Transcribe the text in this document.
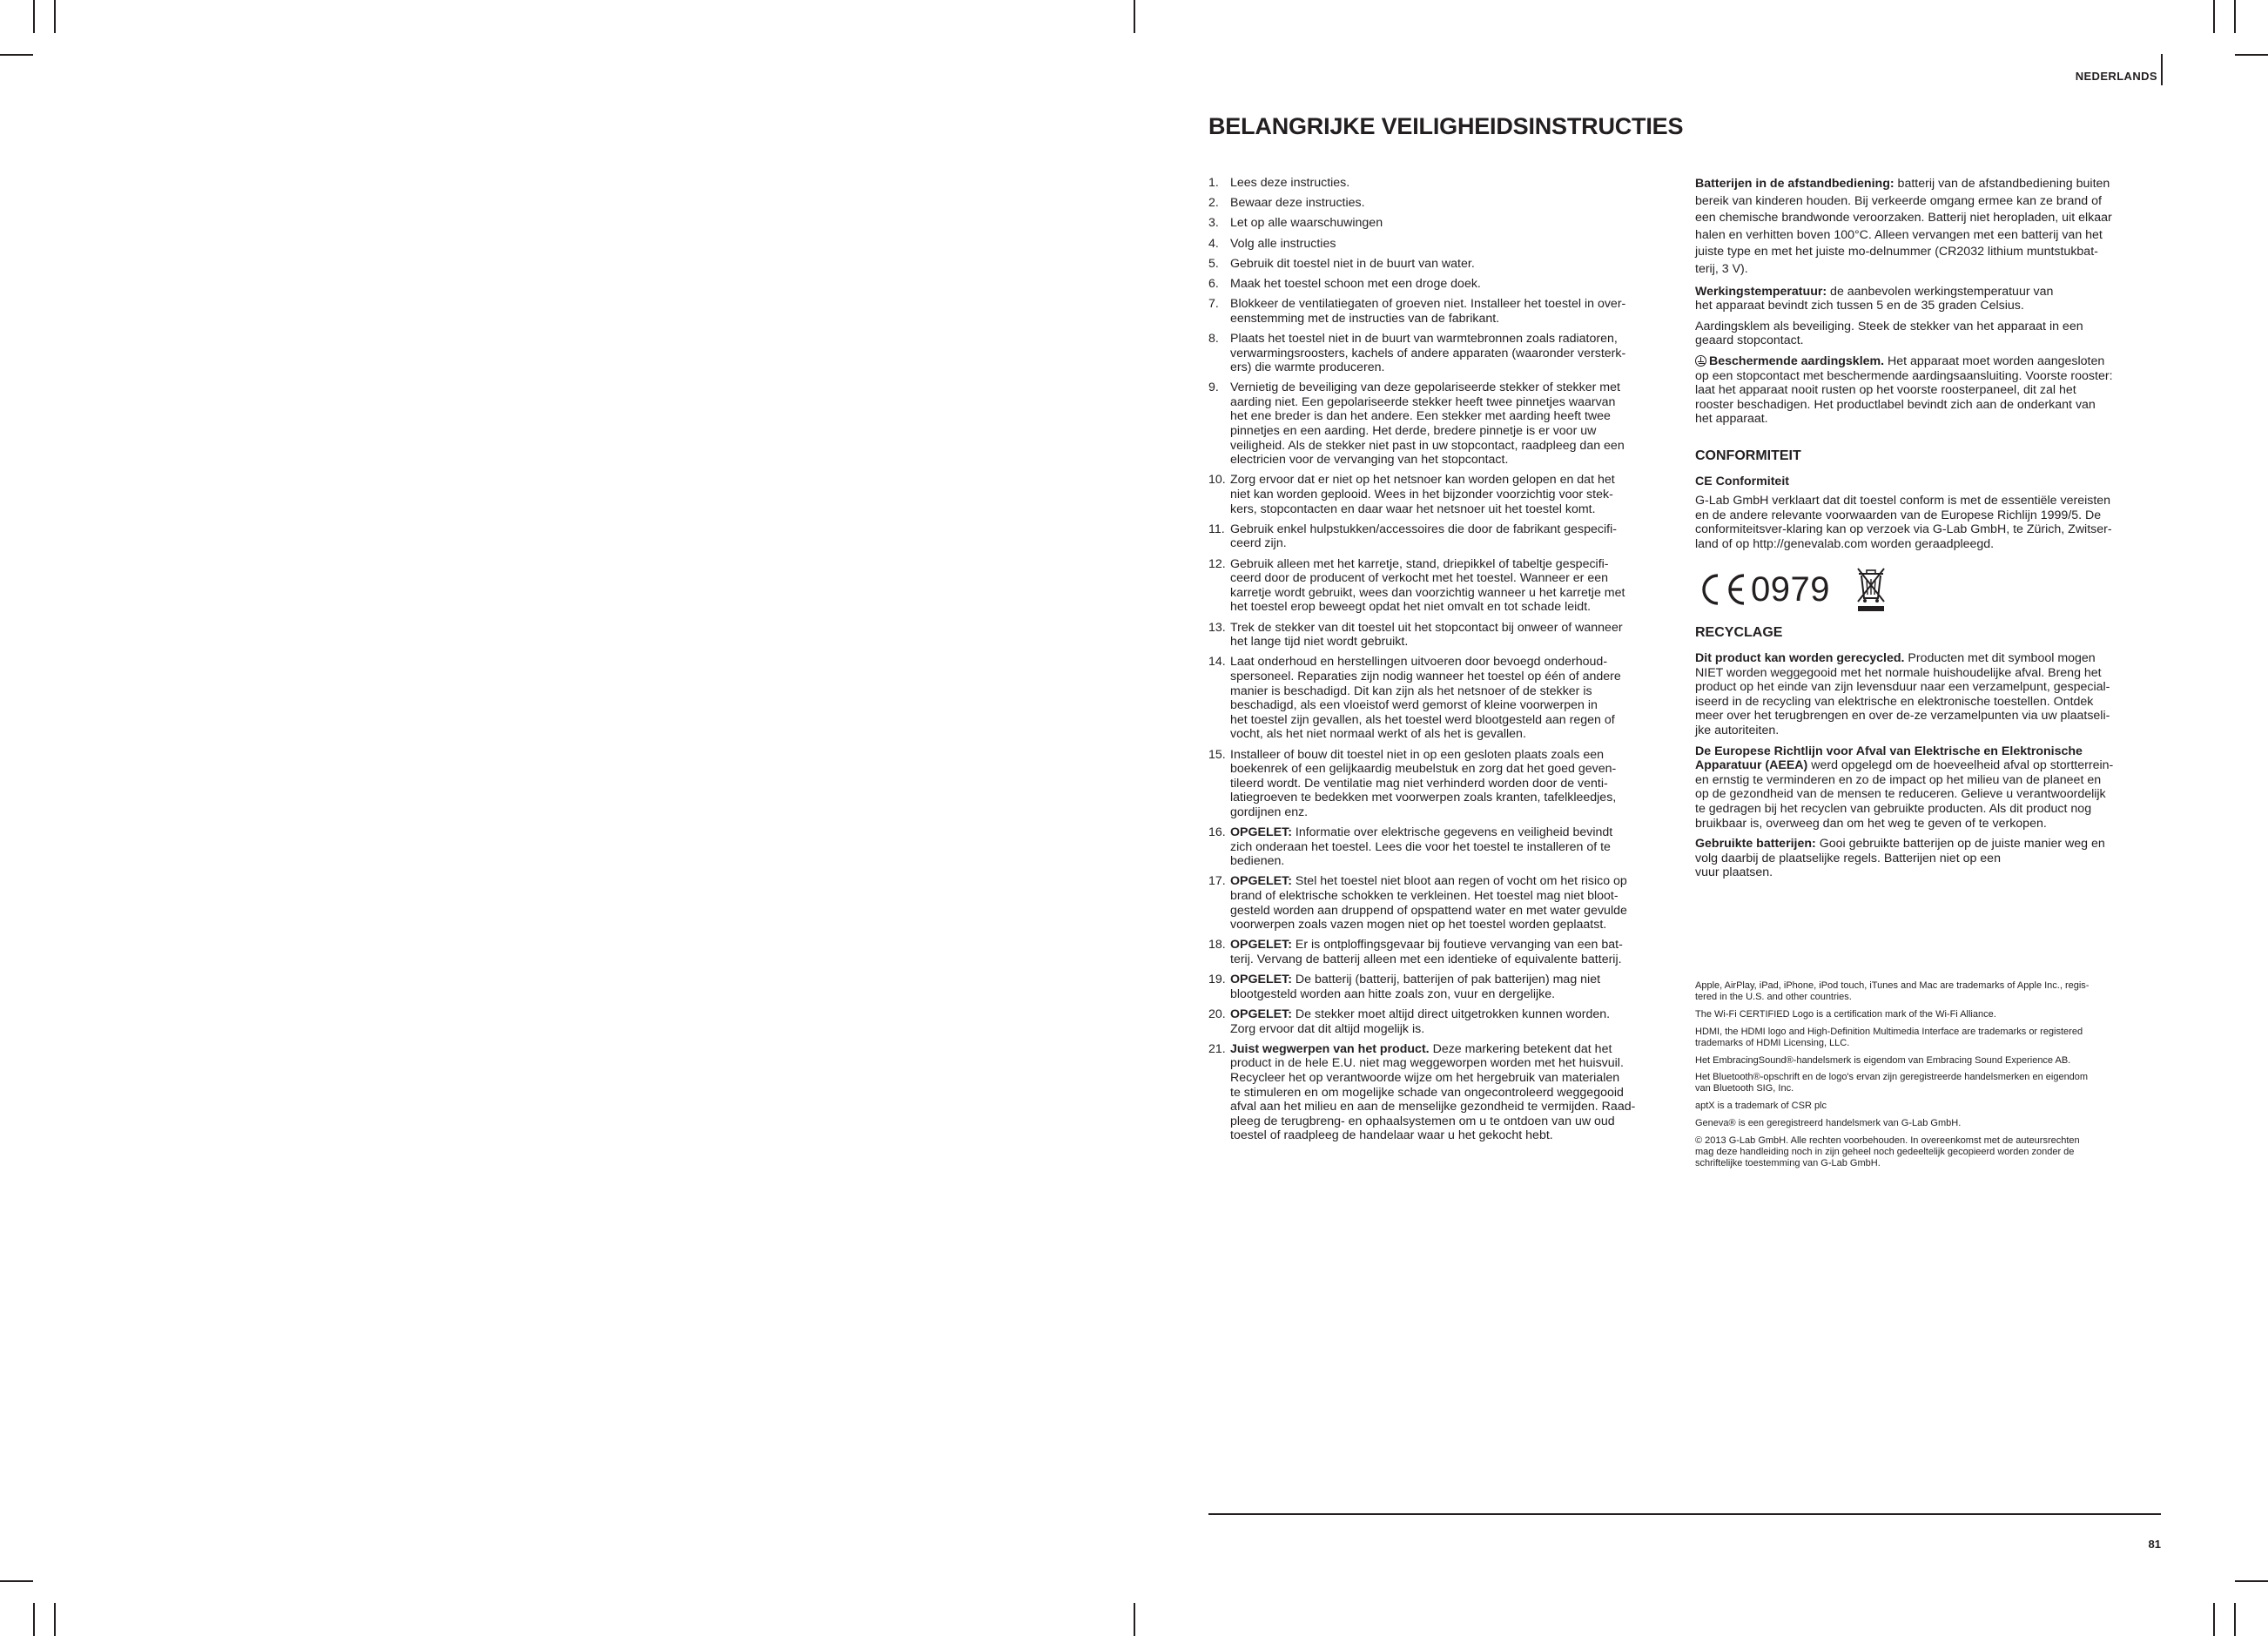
NEDERLANDS
BELANGRIJKE VEILIGHEIDSINSTRUCTIES
1. Lees deze instructies.
2. Bewaar deze instructies.
3. Let op alle waarschuwingen
4. Volg alle instructies
5. Gebruik dit toestel niet in de buurt van water.
6. Maak het toestel schoon met een droge doek.
7. Blokkeer de ventilatiegaten of groeven niet. Installeer het toestel in over-
eenstemming met de instructies van de fabrikant.
8. Plaats het toestel niet in de buurt van warmtebronnen zoals radiatoren,
verwarmingsroosters, kachels of andere apparaten (waaronder versterk-
ers) die warmte produceren.
9. Vernietig de beveiliging van deze gepolariseerde stekker of stekker met
aarding niet. Een gepolariseerde stekker heeft twee pinnetjes waarvan
het ene breder is dan het andere. Een stekker met aarding heeft twee
pinnetjes en een aarding. Het derde, bredere pinnetje is er voor uw
veiligheid. Als de stekker niet past in uw stopcontact, raadpleeg dan een
electricien voor de vervanging van het stopcontact.
10. Zorg ervoor dat er niet op het netsnoer kan worden gelopen en dat het
niet kan worden geplooid. Wees in het bijzonder voorzichtig voor stek-
kers, stopcontacten en daar waar het netsnoer uit het toestel komt.
11. Gebruik enkel hulpstukken/accessoires die door de fabrikant gespecifi-
ceerd zijn.
12. Gebruik alleen met het karretje, stand, driepikkel of tabeltje gespecifi-
ceerd door de producent of verkocht met het toestel. Wanneer er een
karretje wordt gebruikt, wees dan voorzichtig wanneer u het karretje met
het toestel erop beweegt opdat het niet omvalt en tot schade leidt.
13. Trek de stekker van dit toestel uit het stopcontact bij onweer of wanneer
het lange tijd niet wordt gebruikt.
14. Laat onderhoud en herstellingen uitvoeren door bevoegd onderhoud-
spersoneel. Reparaties zijn nodig wanneer het toestel op één of andere
manier is beschadigd. Dit kan zijn als het netsnoer of de stekker is
beschadigd, als een vloeistof werd gemorst of kleine voorwerpen in
het toestel zijn gevallen, als het toestel werd blootgesteld aan regen of
vocht, als het niet normaal werkt of als het is gevallen.
15. Installeer of bouw dit toestel niet in op een gesloten plaats zoals een
boekenrek of een gelijkaardig meubelstuk en zorg dat het goed geven-
tileerd wordt. De ventilatie mag niet verhinderd worden door de venti-
latiegroeven te bedekken met voorwerpen zoals kranten, tafelkleedjes,
gordijnen enz.
16. OPGELET: Informatie over elektrische gegevens en veiligheid bevindt
zich onderaan het toestel. Lees die voor het toestel te installeren of te
bedienen.
17. OPGELET: Stel het toestel niet bloot aan regen of vocht om het risico op
brand of elektrische schokken te verkleinen. Het toestel mag niet bloot-
gesteld worden aan druppend of opspattend water en met water gevulde
voorwerpen zoals vazen mogen niet op het toestel worden geplaatst.
18. OPGELET: Er is ontploffingsgevaar bij foutieve vervanging van een bat-
terij. Vervang de batterij alleen met een identieke of equivalente batterij.
19. OPGELET: De batterij (batterij, batterijen of pak batterijen) mag niet
blootgesteld worden aan hitte zoals zon, vuur en dergelijke.
20. OPGELET: De stekker moet altijd direct uitgetrokken kunnen worden.
Zorg ervoor dat dit altijd mogelijk is.
21. Juist wegwerpen van het product. Deze markering betekent dat het
product in de hele E.U. niet mag weggeworpen worden met het huisvuil.
Recycleer het op verantwoorde wijze om het hergebruik van materialen
te stimuleren en om mogelijke schade van ongecontroleerd weggegooid
afval aan het milieu en aan de menselijke gezondheid te vermijden. Raad-
pleeg de terugbreng- en ophaalsystemen om u te ontdoen van uw oud
toestel of raadpleeg de handelaar waar u het gekocht hebt.

Batterijen in de afstandbediening: batterij van de afstandbediening buiten
bereik van kinderen houden. Bij verkeerde omgang ermee kan ze brand of
een chemische brandwonde veroorzaken. Batterij niet heropladen, uit elkaar
halen en verhitten boven 100°C. Alleen vervangen met een batterij van het
juiste type en met het juiste mo-delnummer (CR2032 lithium muntstukbat-
terij, 3 V).

Werkingstemperatuur: de aanbevolen werkingstemperatuur van
het apparaat bevindt zich tussen 5 en de 35 graden Celsius.

Aardingsklem als beveiliging. Steek de stekker van het apparaat in een
geaard stopcontact.

Beschermende aardingsklem. Het apparaat moet worden aangesloten
op een stopcontact met beschermende aardingsaansluiting. Voorste rooster:
laat het apparaat nooit rusten op het voorste roosterpaneel, dit zal het
rooster beschadigen. Het productlabel bevindt zich aan de onderkant van
het apparaat.

CONFORMITEIT
CE Conformiteit

G-Lab GmbH verklaart dat dit toestel conform is met de essentiële vereisten
en de andere relevante voorwaarden van de Europese Richlijn 1999/5. De
conformiteitsver-klaring kan op verzoek via G-Lab GmbH, te Zürich, Zwitser-
land of op http://genevalab.com worden geraadpleegd.

0979
RECYCLAGE

Dit product kan worden gerecycled. Producten met dit symbool mogen
NIET worden weggegooid met het normale huishoudelijke afval. Breng het
product op het einde van zijn levensduur naar een verzamelpunt, gespecial-
iseerd in de recycling van elektrische en elektronische toestellen. Ontdek
meer over het terugbrengen en over de-ze verzamelpunten via uw plaatseli-
jke autoriteiten.

De Europese Richtlijn voor Afval van Elektrische en Elektronische
Apparatuur (AEEA) werd opgelegd om de hoeveelheid afval op stortterrein-
en ernstig te verminderen en zo de impact op het milieu van de planeet en
op de gezondheid van de mensen te reduceren. Gelieve u verantwoordelijk
te gedragen bij het recyclen van gebruikte producten. Als dit product nog
bruikbaar is, overweeg dan om het weg te geven of te verkopen.

Gebruikte batterijen: Gooi gebruikte batterijen op de juiste manier weg en
volg daarbij de plaatselijke regels. Batterijen niet op een
vuur plaatsen.

Apple, AirPlay, iPad, iPhone, iPod touch, iTunes and Mac are trademarks of Apple Inc., regis-
tered in the U.S. and other countries.

The Wi-Fi CERTIFIED Logo is a certification mark of the Wi-Fi Alliance.

HDMI, the HDMI logo and High-Definition Multimedia Interface are trademarks or registered
trademarks of HDMI Licensing, LLC.

Het EmbracingSound®-handelsmerk is eigendom van Embracing Sound Experience AB.

Het Bluetooth®-opschrift en de logo's ervan zijn geregistreerde handelsmerken en eigendom
van Bluetooth SIG, Inc.

aptX is a trademark of CSR plc

Geneva® is een geregistreerd handelsmerk van G-Lab GmbH.

© 2013 G-Lab GmbH. Alle rechten voorbehouden. In overeenkomst met de auteursrechten
mag deze handleiding noch in zijn geheel noch gedeeltelijk gecopieerd worden zonder de
schriftelijke toestemming van G-Lab GmbH.

81
